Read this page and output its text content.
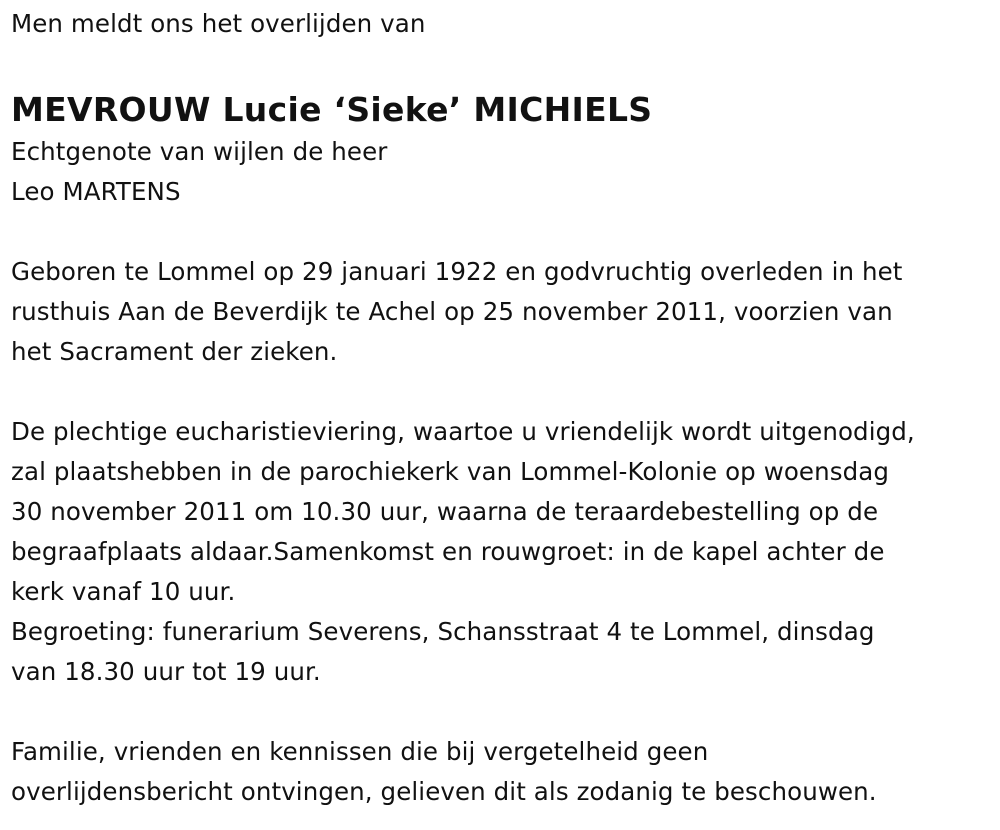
Men meldt ons het overlijden van
MEVROUW Lucie ‘Sieke’ MICHIELS
Echtgenote van wijlen de heer
Leo MARTENS
Geboren te Lommel op 29 januari 1922 en godvruchtig overleden in het
rusthuis Aan de Beverdijk te Achel op 25 november 2011, voorzien van
het Sacrament der zieken.
De plechtige eucharistieviering, waartoe u vriendelijk wordt uitgenodigd,
zal plaatshebben in de parochiekerk van Lommel-Kolonie op woensdag
30 november 2011 om 10.30 uur, waarna de teraardebestelling op de
begraafplaats aldaar.Samenkomst en rouwgroet: in de kapel achter de
kerk vanaf 10 uur.
Begroeting: funerarium Severens, Schansstraat 4 te Lommel, dinsdag
van 18.30 uur tot 19 uur.
Familie, vrienden en kennissen die bij vergetelheid geen
overlijdensbericht ontvingen, gelieven dit als zodanig te beschouwen.
